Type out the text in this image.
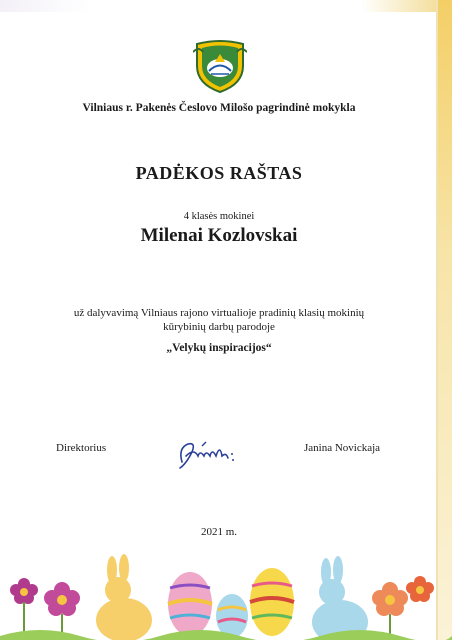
Vilniaus r. Pakenės Česlovo Milošo pagrindinė mokykla
PADĖKOS RAŠTAS
4 klasės mokinei
Milenai Kozlovskai
už dalyvavimą Vilniaus rajono virtualioje pradinių klasių mokinių
kūrybinių darbų parodoje
„Velykų inspiracijos“
Direktorius	Janina Novickaja
2021 m.
